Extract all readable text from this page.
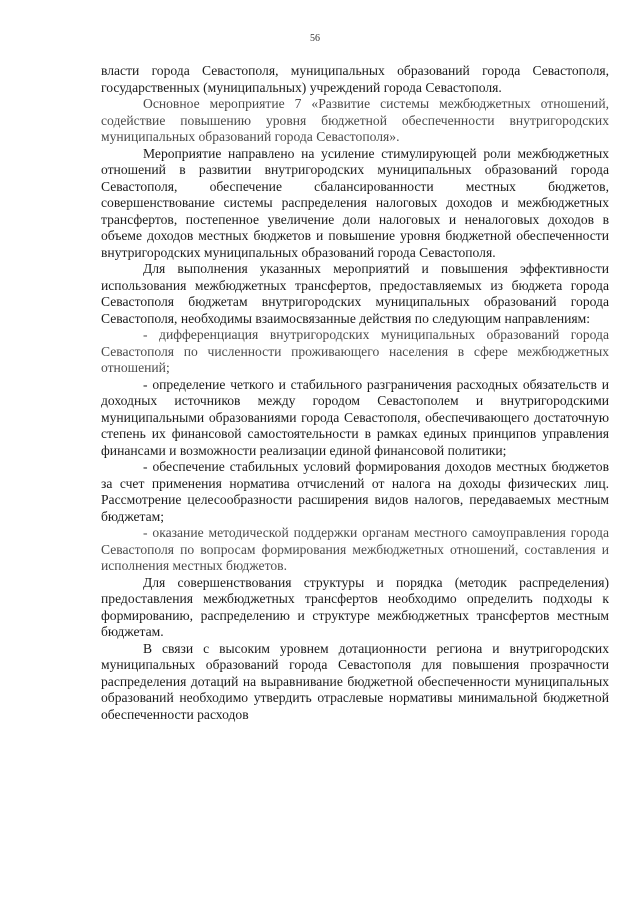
56

власти города Севастополя, муниципальных образований города Севастополя, государственных (муниципальных) учреждений города Севастополя.

Основное мероприятие 7 «Развитие системы межбюджетных отношений, содействие повышению уровня бюджетной обеспеченности внутригородских муниципальных образований города Севастополя».

Мероприятие направлено на усиление стимулирующей роли межбюджетных отношений в развитии внутригородских муниципальных образований города Севастополя, обеспечение сбалансированности местных бюджетов, совершенствование системы распределения налоговых доходов и межбюджетных трансфертов, постепенное увеличение доли налоговых и неналоговых доходов в объеме доходов местных бюджетов и повышение уровня бюджетной обеспеченности внутригородских муниципальных образований города Севастополя.

Для выполнения указанных мероприятий и повышения эффективности использования межбюджетных трансфертов, предоставляемых из бюджета города Севастополя бюджетам внутригородских муниципальных образований города Севастополя, необходимы взаимосвязанные действия по следующим направлениям:

- дифференциация внутригородских муниципальных образований города Севастополя по численности проживающего населения в сфере межбюджетных отношений;

- определение четкого и стабильного разграничения расходных обязательств и доходных источников между городом Севастополем и внутригородскими муниципальными образованиями города Севастополя, обеспечивающего достаточную степень их финансовой самостоятельности в рамках единых принципов управления финансами и возможности реализации единой финансовой политики;

- обеспечение стабильных условий формирования доходов местных бюджетов за счет применения норматива отчислений от налога на доходы физических лиц. Рассмотрение целесообразности расширения видов налогов, передаваемых местным бюджетам;

- оказание методической поддержки органам местного самоуправления города Севастополя по вопросам формирования межбюджетных отношений, составления и исполнения местных бюджетов.

Для совершенствования структуры и порядка (методик распределения) предоставления межбюджетных трансфертов необходимо определить подходы к формированию, распределению и структуре межбюджетных трансфертов местным бюджетам.

В связи с высоким уровнем дотационности региона и внутригородских муниципальных образований города Севастополя для повышения прозрачности распределения дотаций на выравнивание бюджетной обеспеченности муниципальных образований необходимо утвердить отраслевые нормативы минимальной бюджетной обеспеченности расходов
